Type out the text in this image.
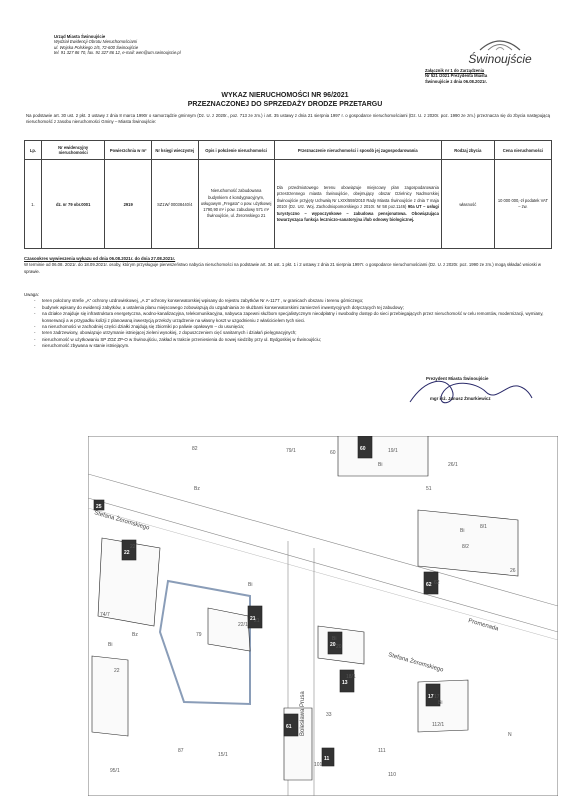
Urząd Miasta Świnoujście
Wydział Ewidencji Obrotu Nieruchomościami
ul. Wojska Polskiego 1/5, 72-600 Świnoujście
tel. 91 327 86 70, fax. 91 327 86 12, e-mail: wen@um.swinoujscie.pl	Świnoujście
Załącznik nr 1 do Zarządzenia
Nr 521 /2021 Prezydenta Miasta
Świnoujście z dnia 06.08.2021r.
WYKAZ NIERUCHOMOŚCI NR 96/2021
PRZEZNACZONEJ DO SPRZEDAŻY DRODZE PRZETARGU
Na podstawie art. 30 ust. 2 pkt. 3 ustawy z dnia 8 marca 1990r o samorządzie gminnym (Dz. U. z 2020r., poz. 713 ze zm.) i art. 35 ustawy z dnia 21 sierpnia 1997 r. o gospodarce nieruchomościami (Dz. U. z 2020r. poz. 1990 ze zm.) przeznacza się do zbycia następującą nieruchomość z zasobu nieruchomości Gminy – Miasta Świnoujście:
Lp.	Nr ewidencyjny nieruchomości	Powierzchnia w m²	Nr księgi wieczystej	Opis i położenie nieruchomości	Przeznaczenie nieruchomości i sposób jej zagospodarowania	Rodzaj zbycia	Cena nieruchomości
1.	dz. nr 79 obr.0001	2919	SZ1W/ 00038440/4	Nieruchomość zabudowana budynkiem 4 kondygnacyjnym, usługowym „Fregata" o pow. użytkowej 1790,90 m² i pow. zabudowy 571 m² Świnoujście, ul. Żeromskiego 21	Dla przedmiotowego terenu obowiązuje miejscowy plan zagospodarowania przestrzennego miasta Świnoujście, obejmujący obszar Dzielnicy Nadmorskiej Świnoujście przyjęty Uchwałą Nr LXIX/559/2010 Rady Miasta Świnoujście z dnia 7 maja 2010r (Dz. Urz. Woj. Zachodniopomorskiego z 2010r. Nr 58 poz.1146) 90a UT – usługi turystyczno – wypoczynkowe – zabudowa pensjonatowa. Obowiązująca towarzysząca funkcja leczniczo-sanatoryjna i/lub odnowy biologicznej.	własność	10 000 000,-zł podatek VAT – zw.
Czasookres wywieszenia wykazu od dnia 06.08.2021r. do dnia 27.08.2021r.
W terminie od 06.08. 2021r. do 18.09.2021r. osoby, którym przysługuje pierwszeństwo nabycia nieruchomości na podstawie art. 34 ust. 1 pkt. 1 i 2 ustawy z dnia 21 sierpnia 1997r. o gospodarce nieruchomościami (Dz. U. z 2020r. poz. 1990 ze zm.) mogą składać wnioski w sprawie.
Uwaga:
- teren położony strefie „A" ochrony uzdrowiskowej, „A 2" ochrony konserwatorskiej wpisany do rejestru zabytków Nr A-1177 , w granicach obszaru i terenu górniczego;
- budynek wpisany do ewidencji zabytków, a ustalenia planu miejscowego zobowiązują do uzgadniania ze służbami konserwatorskimi zamierzeń inwestycyjnych dotyczących tej zabudowy;
- na działce znajduje się infrastruktura energetyczna, wodno-kanalizacyjna, telekomunikacyjna, nabywca zapewni służbom specjalistycznym nieodpłatny i swobodny dostęp do sieci przebiegających przez nieruchomość w celu remontów, modernizacji, wymiany, konserwacji a w przypadku kolizji z planowaną inwestycją przełoży urządzenie na własny koszt w uzgodnieniu z właścicielem tych sieci.
- na nieruchomości w zachodniej części działki znajdują się zbiorniki po paliwie opałowym – do usunięcia;
- teren zadrzewiony, obowiązuje utrzymanie istniejącej zieleni wysokiej, z dopuszczeniem cięć sanitarnych i działań pielęgnacyjnych;
- nieruchomość w użytkowaniu SP ZOZ ZP-O w Świnoujściu, zakład w trakcie przeniesienia do nowej siedziby przy ul. Bydgoskiej w Świnoujściu;
- nieruchomość zbywana w stanie istniejącym.
Prezydent Miasta Świnoujście
mgr inż. Janusz Żmurkiewicz
Stefana Żeromskiego
Promenada
Stefana Żeromskiego
Bolesława Prusa
82	79/1	60	19/1
26/1
51
8/1
8/2
62
26
22
74/7
79
22
22/1
21
20
18/1
17
112/1
33
101
111
110
95/1
87
15/1
Bz
Bi
Bz
Bi
Bi
Bi
Bi
Bi
N
22
60
21
61
62
20
17
13
11
25
